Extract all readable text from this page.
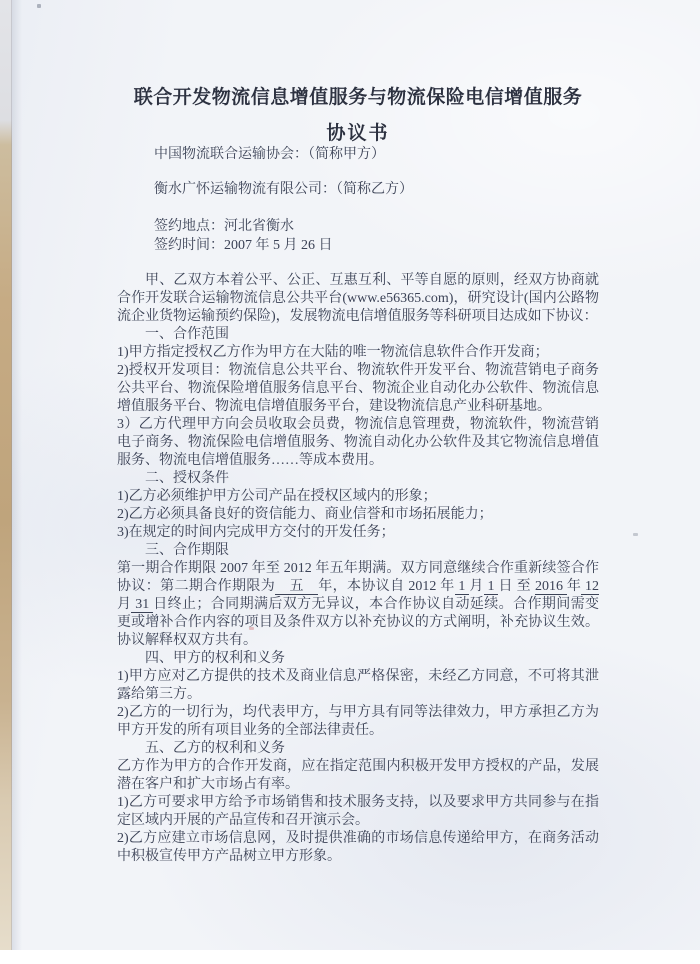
联合开发物流信息增值服务与物流保险电信增值服务
协议书

中国物流联合运输协会：（简称甲方）

衡水广怀运输物流有限公司：（简称乙方）

签约地点：河北省衡水

签约时间：2007 年 5 月 26 日

甲、乙双方本着公平、公正、互惠互利、平等自愿的原则，经双方协商就合作开发联合运输物流信息公共平台(www.e56365.com)，研究设计(国内公路物流企业货物运输预约保险)，发展物流电信增值服务等科研项目达成如下协议：

一、合作范围

1)甲方指定授权乙方作为甲方在大陆的唯一物流信息软件合作开发商；

2)授权开发项目：物流信息公共平台、物流软件开发平台、物流营销电子商务公共平台、物流保险增值服务信息平台、物流企业自动化办公软件、物流信息增值服务平台、物流电信增值服务平台，建设物流信息产业科研基地。

3）乙方代理甲方向会员收取会员费，物流信息管理费，物流软件，物流营销电子商务、物流保险电信增值服务、物流自动化办公软件及其它物流信息增值服务、物流电信增值服务……等成本费用。

二、授权条件

1)乙方必须维护甲方公司产品在授权区域内的形象；

2)乙方必须具备良好的资信能力、商业信誉和市场拓展能力；

3)在规定的时间内完成甲方交付的开发任务；

三、合作期限

第一期合作期限 2007 年至 2012 年五年期满。双方同意继续合作重新续签合作协议：第二期合作期限为　五　年，本协议自 2012 年 1 月 1 日 至 2016 年 12 月 31 日终止；合同期满后双方无异议，本合作协议自动延续。合作期间需变更或增补合作内容的项目及条件双方以补充协议的方式阐明，补充协议生效。协议解释权双方共有。

四、甲方的权利和义务

1)甲方应对乙方提供的技术及商业信息严格保密，未经乙方同意，不可将其泄露给第三方。

2)乙方的一切行为，均代表甲方，与甲方具有同等法律效力，甲方承担乙方为甲方开发的所有项目业务的全部法律责任。

五、乙方的权利和义务

乙方作为甲方的合作开发商，应在指定范围内积极开发甲方授权的产品，发展潜在客户和扩大市场占有率。

1)乙方可要求甲方给予市场销售和技术服务支持，以及要求甲方共同参与在指定区域内开展的产品宣传和召开演示会。

2)乙方应建立市场信息网，及时提供准确的市场信息传递给甲方，在商务活动中积极宣传甲方产品树立甲方形象。
